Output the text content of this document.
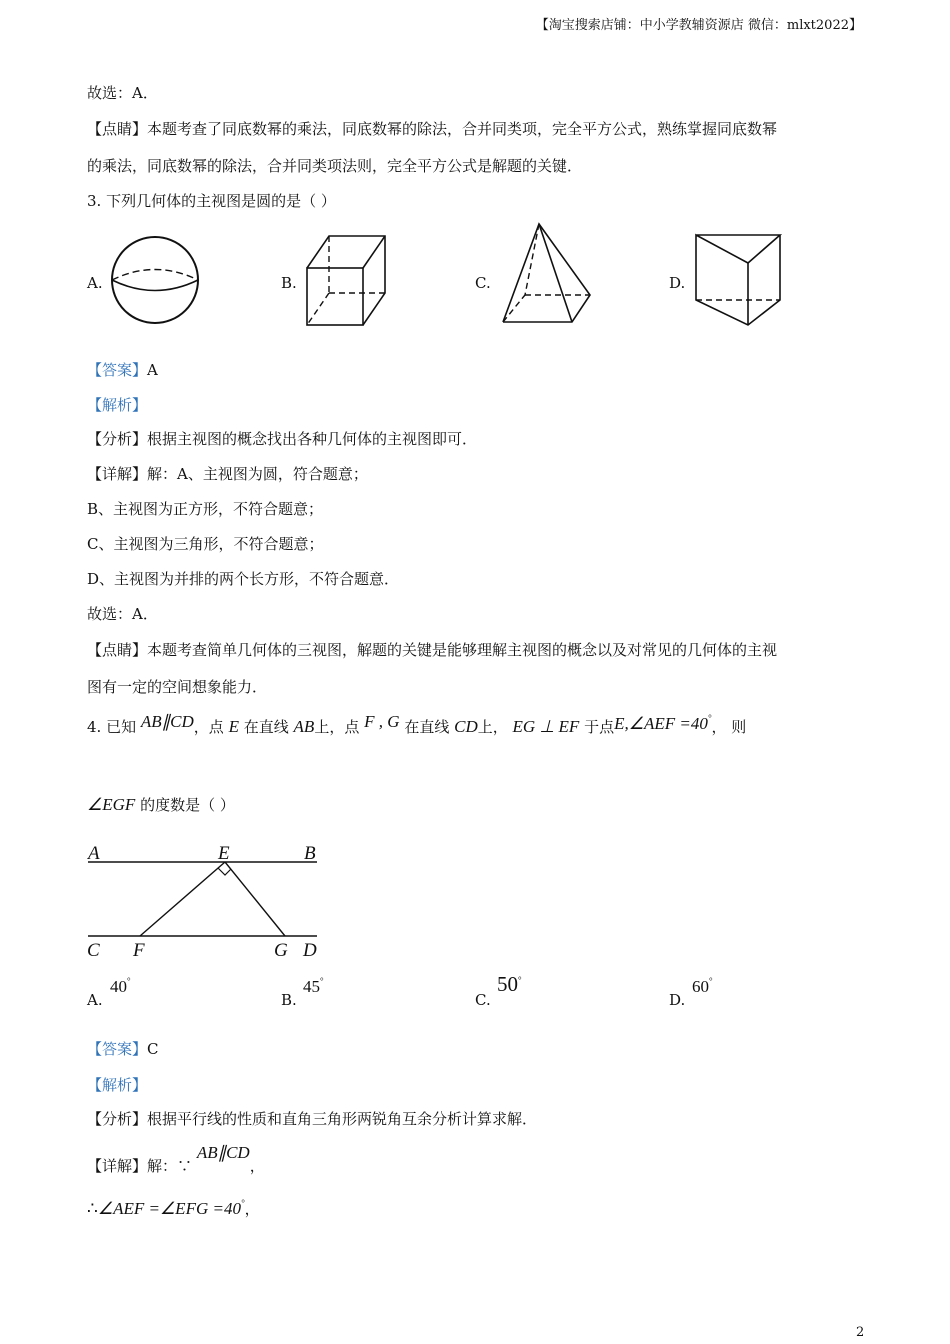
【淘宝搜索店铺：中小学教辅资源店 微信：mlxt2022】
故选：A．
【点睛】本题考查了同底数幂的乘法，同底数幂的除法，合并同类项，完全平方公式，熟练掌握同底数幂
的乘法，同底数幂的除法，合并同类项法则，完全平方公式是解题的关键．
3. 下列几何体的主视图是圆的是（ ）
A.	B.	C.	D.
【答案】A
【解析】
【分析】根据主视图的概念找出各种几何体的主视图即可．
【详解】解：A、主视图为圆，符合题意；
B、主视图为正方形，不符合题意；
C、主视图为三角形，不符合题意；
D、主视图为并排的两个长方形，不符合题意．
故选：A．
【点睛】本题考查简单几何体的三视图，解题的关键是能够理解主视图的概念以及对常见的几何体的主视
图有一定的空间想象能力．
4. 已知 AB∥CD，点 E 在直线 AB上，点 F , G 在直线 CD上， EG ⊥ EF 于点E,∠AEF =40°， 则
∠EGF 的度数是（ ）
A	E	B
C F	G D
A.
40°
B.
45°
C.
50°
D.
60°
【答案】C
【解析】
【分析】根据平行线的性质和直角三角形两锐角互余分析计算求解．
【详解】解：∵ AB∥CD，
∴∠AEF =∠EFG =40°，
2
